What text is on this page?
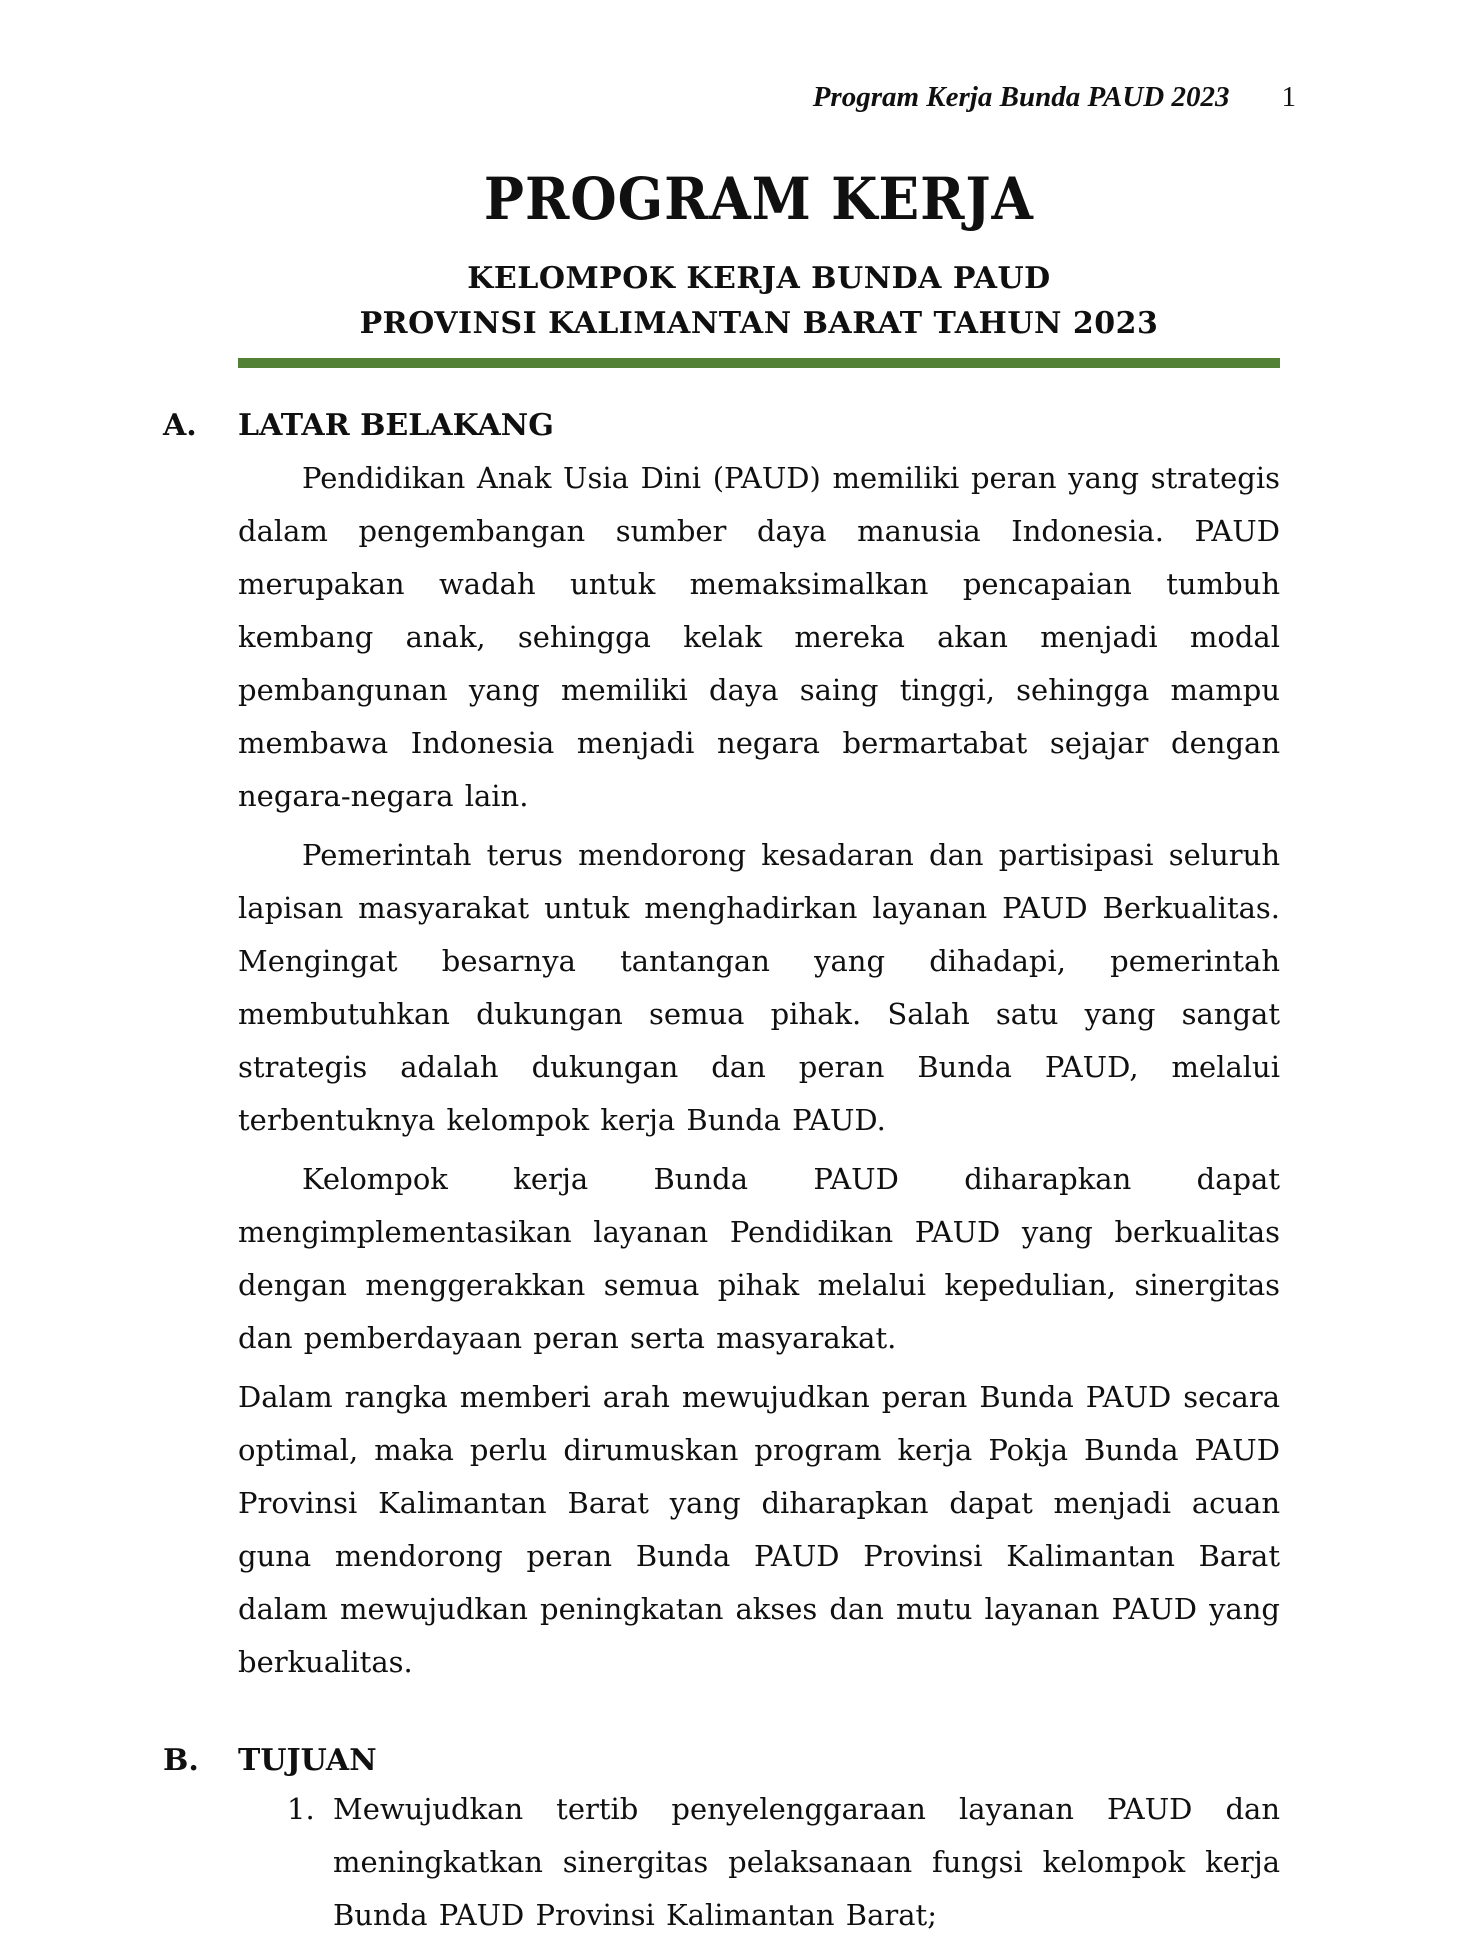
Program Kerja Bunda PAUD 2023 1
PROGRAM KERJA
KELOMPOK KERJA BUNDA PAUD
PROVINSI KALIMANTAN BARAT TAHUN 2023
A.	LATAR BELAKANG

Pendidikan Anak Usia Dini (PAUD) memiliki peran yang strategis dalam pengembangan sumber daya manusia Indonesia. PAUD merupakan wadah untuk memaksimalkan pencapaian tumbuh kembang anak, sehingga kelak mereka akan menjadi modal pembangunan yang memiliki daya saing tinggi, sehingga mampu membawa Indonesia menjadi negara bermartabat sejajar dengan negara-negara lain.

Pemerintah terus mendorong kesadaran dan partisipasi seluruh lapisan masyarakat untuk menghadirkan layanan PAUD Berkualitas. Mengingat besarnya tantangan yang dihadapi, pemerintah membutuhkan dukungan semua pihak. Salah satu yang sangat strategis adalah dukungan dan peran Bunda PAUD, melalui terbentuknya kelompok kerja Bunda PAUD.

Kelompok kerja Bunda PAUD diharapkan dapat mengimplementasikan layanan Pendidikan PAUD yang berkualitas dengan menggerakkan semua pihak melalui kepedulian, sinergitas dan pemberdayaan peran serta masyarakat.

Dalam rangka memberi arah mewujudkan peran Bunda PAUD secara optimal, maka perlu dirumuskan program kerja Pokja Bunda PAUD Provinsi Kalimantan Barat yang diharapkan dapat menjadi acuan guna mendorong peran Bunda PAUD Provinsi Kalimantan Barat dalam mewujudkan peningkatan akses dan mutu layanan PAUD yang berkualitas.

B.	TUJUAN
1. Mewujudkan tertib penyelenggaraan layanan PAUD dan meningkatkan sinergitas pelaksanaan fungsi kelompok kerja Bunda PAUD Provinsi Kalimantan Barat;
